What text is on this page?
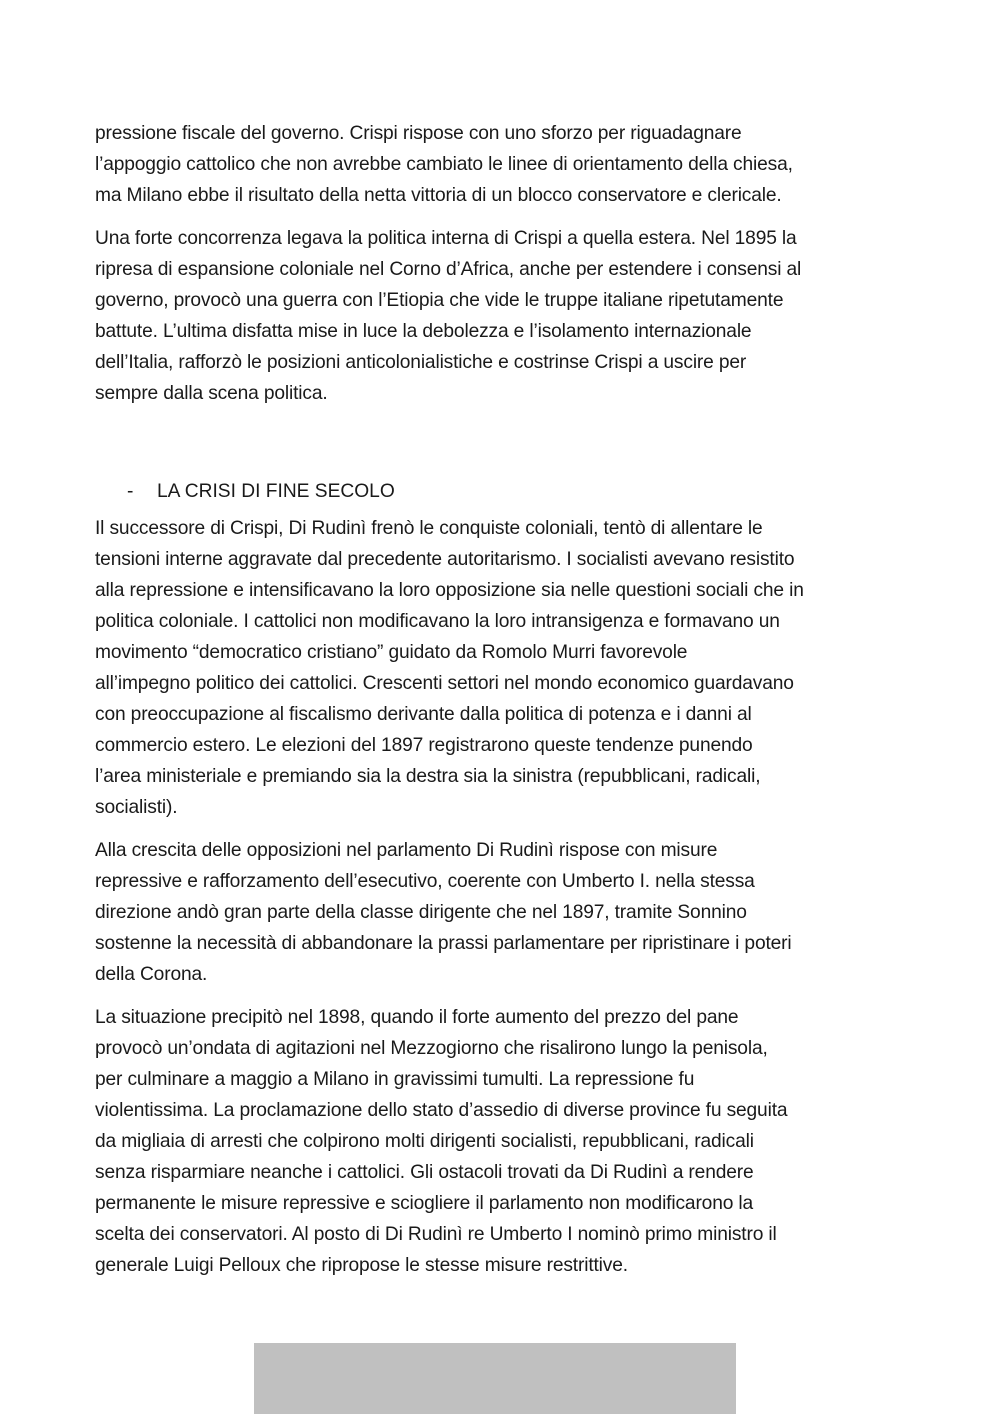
pressione fiscale del governo. Crispi rispose con uno sforzo per riguadagnare
l’appoggio cattolico che non avrebbe cambiato le linee di orientamento della chiesa,
ma Milano ebbe il risultato della netta vittoria di un blocco conservatore e clericale.

Una forte concorrenza legava la politica interna di Crispi a quella estera. Nel 1895 la
ripresa di espansione coloniale nel Corno d’Africa, anche per estendere i consensi al
governo, provocò una guerra con l’Etiopia che vide le truppe italiane ripetutamente
battute. L’ultima disfatta mise in luce la debolezza e l’isolamento internazionale
dell’Italia, rafforzò le posizioni anticolonialistiche e costrinse Crispi a uscire per
sempre dalla scena politica.

-	LA CRISI DI FINE SECOLO

Il successore di Crispi, Di Rudinì frenò le conquiste coloniali, tentò di allentare le
tensioni interne aggravate dal precedente autoritarismo. I socialisti avevano resistito
alla repressione e intensificavano la loro opposizione sia nelle questioni sociali che in
politica coloniale. I cattolici non modificavano la loro intransigenza e formavano un
movimento “democratico cristiano” guidato da Romolo Murri favorevole
all’impegno politico dei cattolici. Crescenti settori nel mondo economico guardavano
con preoccupazione al fiscalismo derivante dalla politica di potenza e i danni al
commercio estero. Le elezioni del 1897 registrarono queste tendenze punendo
l’area ministeriale e premiando sia la destra sia la sinistra (repubblicani, radicali,
socialisti).

Alla crescita delle opposizioni nel parlamento Di Rudinì rispose con misure
repressive e rafforzamento dell’esecutivo, coerente con Umberto I. nella stessa
direzione andò gran parte della classe dirigente che nel 1897, tramite Sonnino
sostenne la necessità di abbandonare la prassi parlamentare per ripristinare i poteri
della Corona.

La situazione precipitò nel 1898, quando il forte aumento del prezzo del pane
provocò un’ondata di agitazioni nel Mezzogiorno che risalirono lungo la penisola,
per culminare a maggio a Milano in gravissimi tumulti. La repressione fu
violentissima. La proclamazione dello stato d’assedio di diverse province fu seguita
da migliaia di arresti che colpirono molti dirigenti socialisti, repubblicani, radicali
senza risparmiare neanche i cattolici. Gli ostacoli trovati da Di Rudinì a rendere
permanente le misure repressive e sciogliere il parlamento non modificarono la
scelta dei conservatori. Al posto di Di Rudinì re Umberto I nominò primo ministro il
generale Luigi Pelloux che ripropose le stesse misure restrittive.
